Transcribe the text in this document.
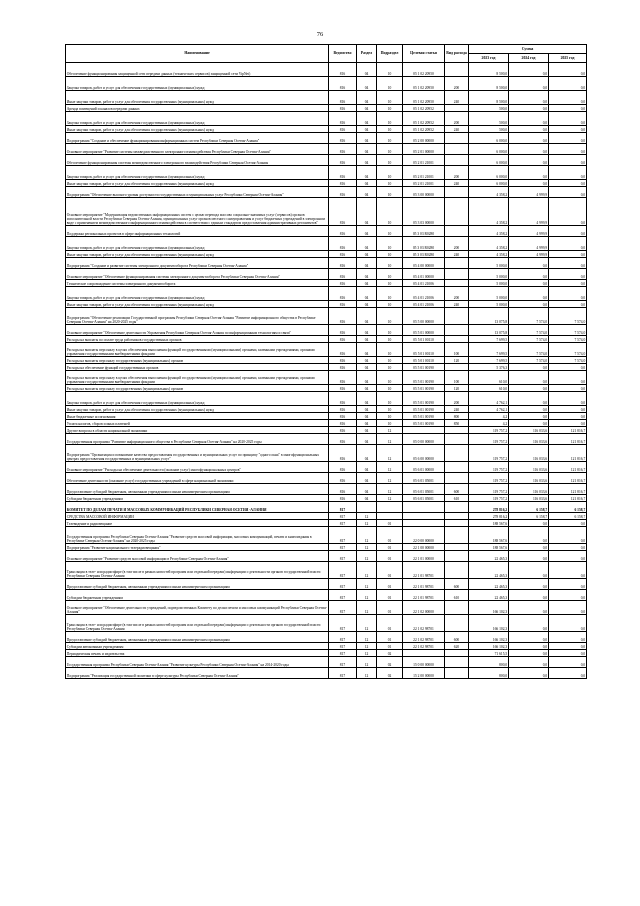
76
Наименование	Ведомство	Раздел	Подраздел	Целевая статья	Вид расхода	Сумма		
						2023 год	2024 год	2025 год
Обеспечение функционирования защищенной сети передачи данных (технических сервисов) защищенной сети VipNet)	816	04	10	05 1 02 20950		8 500,0	0,0	0,0
Закупка товаров, работ и услуг для обеспечения государственных (муниципальных) нужд	816	04	10	05 1 02 20950	200	8 500,0	0,0	0,0
Иные закупки товаров, работ и услуг для обеспечения государственных (муниципальных) нужд	816	04	10	05 1 02 20950	240	8 500,0	0,0	0,0
Аренда помещений и каналов передачи данных	816	04	10	05 1 02 20952		500,0	0,0	0,0
Закупка товаров, работ и услуг для обеспечения государственных (муниципальных) нужд	816	04	10	05 1 02 20952	200	500,0	0,0	0,0
Иные закупки товаров, работ и услуг для обеспечения государственных (муниципальных) нужд	816	04	10	05 1 02 20952	240	500,0	0,0	0,0
Подпрограмма "Создание и обеспечение функционирования информационных систем Республики Северная Осетия-Алания"	816	04	10	05 2 00 00000		6 000,0	0,0	0,0
Основное мероприятие "Развитие системы межведомственного электронного взаимодействия Республики Северная Осетия-Алания"	816	04	10	05 2 01 00000		6 000,0	0,0	0,0
Обеспечение функционирования системы межведомственного электронного взаимодействия Республики Северная Осетия-Алания	816	04	10	05 2 01 21001		6 000,0	0,0	0,0
Закупка товаров, работ и услуг для обеспечения государственных (муниципальных) нужд	816	04	10	05 2 01 21001	200	6 000,0	0,0	0,0
Иные закупки товаров, работ и услуг для обеспечения государственных (муниципальных) нужд	816	04	10	05 2 01 21001	240	6 000,0	0,0	0,0
Подпрограмма "Обеспечение высокого уровня доступности государственных и муниципальных услуг Республики Северная Осетия-Алания"	816	04	10	05 3 00 00000		4 358,2	4 999,9	0,0
Основное мероприятие "Модернизация ведомственных информационных систем с целью перевода массово социально-значимых услуг (сервисов) органов исполнительной власти Республики Северная Осетия-Алания, муниципальных услуг органов местного самоуправления и услуг бюджетных учреждений в электронном виде с применением межведомственного информационного взаимодействия в соответствии с единым стандартом предоставления административных регламентов"	816	04	10	05 3 03 00000		4 358,2	4 999,9	0,0
Поддержка региональных проектов в сфере информационных технологий	816	04	10	05 3 03 R0280		4 358,2	4 999,9	0,0
Закупка товаров, работ и услуг для обеспечения государственных (муниципальных) нужд	816	04	10	05 3 03 R0280	200	4 358,2	4 999,9	0,0
Иные закупки товаров, работ и услуг для обеспечения государственных (муниципальных) нужд	816	04	10	05 3 03 R0280	240	4 358,2	4 999,9	0,0
Подпрограмма "Создание и развитие системы электронного документооборота Республики Северная Осетия-Алания"	816	04	10	05 4 00 00000		5 000,0	0,0	0,0
Основное мероприятие "Обеспечение функционирования системы электронного документооборота Республики Северная Осетия-Алания"	816	04	10	05 4 01 00000		5 000,0	0,0	0,0
Техническое сопровождение системы электронного документооборота	816	04	10	05 4 01 21006		5 000,0	0,0	0,0
Закупка товаров, работ и услуг для обеспечения государственных (муниципальных) нужд	816	04	10	05 4 01 21006	200	5 000,0	0,0	0,0
Иные закупки товаров, работ и услуг для обеспечения государственных (муниципальных) нужд	816	04	10	05 4 01 21006	240	5 000,0	0,0	0,0
Подпрограмма "Обеспечение реализации Государственной программы Республики Северная Осетия-Алания "Развитие информационного общества в Республике Северная Осетия-Алания" на 2020-2025 годы"	816	04	10	05 5 00 00000		13 075,8	7 574,0	7 574,0
Основное мероприятие "Обеспечение деятельности Управления Республики Северная Осетия-Алания по информационным технологиям и связи"	816	04	10	05 5 01 00000		13 075,8	7 574,0	7 574,0
Расходы на выплаты по оплате труда работников государственных органов	816	04	10	05 5 01 00110		7 699,5	7 574,0	7 574,0
Расходы на выплаты персоналу в целях обеспечения выполнения функций государственными (муниципальными) органами, казенными учреждениями, органами управления государственными внебюджетными фондами	816	04	10	05 5 01 00110	100	7 699,5	7 574,0	7 574,0
Расходы на выплаты персоналу государственных (муниципальных) органов	816	04	10	05 5 01 00110	120	7 699,5	7 574,0	7 574,0
Расходы на обеспечение функций государственных органов	816	04	10	05 5 01 00190		5 376,3	0,0	0,0
Расходы на выплаты персоналу в целях обеспечения выполнения функций государственными (муниципальными) органами, казенными учреждениями, органами управления государственными внебюджетными фондами	816	04	10	05 5 01 00190	100	610,0	0,0	0,0
Расходы на выплаты персоналу государственных (муниципальных) органов	816	04	10	05 5 01 00190	120	610,0	0,0	0,0
Закупка товаров, работ и услуг для обеспечения государственных (муниципальных) нужд	816	04	10	05 5 01 00190	200	4 762,1	0,0	0,0
Иные закупки товаров, работ и услуг для обеспечения государственных (муниципальных) нужд	816	04	10	05 5 01 00190	240	4 762,1	0,0	0,0
Иные бюджетные ассигнования	816	04	10	05 5 01 00190	800	4,2	0,0	0,0
Уплата налогов, сборов и иных платежей	816	04	10	05 5 01 00190	850	4,2	0,0	0,0
Другие вопросы в области национальной экономики	816	04	12			119 757,2	116 033,6	121 816,7
Государственная программа "Развитие информационного общества в Республике Северная Осетия-Алания" на 2020-2025 годы	816	04	12	05 0 00 00000		119 757,2	116 033,6	121 816,7
Подпрограмма "Организация и повышение качества предоставления государственных и муниципальных услуг по принципу "одного окна" в многофункциональных центрах предоставления государственных и муниципальных услуг"	816	04	12	05 6 00 00000		119 757,2	116 033,6	121 816,7
Основное мероприятие "Расходы на обеспечение деятельности (оказание услуг) многофункциональных центров"	816	04	12	05 6 01 00000		119 757,2	116 033,6	121 816,7
Обеспечение деятельности (оказание услуг) государственных учреждений в сфере национальной экономики	816	04	12	05 6 01 05001		119 757,2	116 033,6	121 816,7
Предоставление субсидий бюджетным, автономным учреждениям и иным некоммерческим организациям	816	04	12	05 6 01 05001	600	119 757,2	116 033,6	121 816,7
Субсидии бюджетным учреждениям	816	04	12	05 6 01 05001	610	119 757,2	116 033,6	121 816,7
КОМИТЕТ ПО ДЕЛАМ ПЕЧАТИ И МАССОВЫХ КОММУНИКАЦИЙ РЕСПУБЛИКИ СЕВЕРНАЯ ОСЕТИЯ -АЛАНИЯ	817					278 816,2	6 158,7	6 158,7
СРЕДСТВА МАССОВОЙ ИНФОРМАЦИИ	817	12				278 816,2	6 158,7	6 158,7
Телевидение и радиовещание	817	12	01			188 567,6	0,0	0,0
Государственная программа Республики Северная Осетия-Алания "Развитие средств массовой информации, массовых коммуникаций, печати и книгоиздания в Республике Северная Осетия-Алания" на 2020-2025 годы	817	12	01	22 0 00 00000		188 567,6	0,0	0,0
Подпрограмма "Развитие национального телерадиовещания"	817	12	01	22 1 00 00000		188 567,6	0,0	0,0
Основное мероприятие "Развитие средств массовой информации в Республике Северная Осетия-Алания"	817	12	01	22 1 01 00000		22 465,3	0,0	0,0
Трансляция в теле- или радиоэфире (в том числе в рамках новостей программ или отдельной передачи) информации о деятельности органов государственной власти Республики Северная Осетия-Алания	817	12	01	22 1 01 98701		22 465,3	0,0	0,0
Предоставление субсидий бюджетным, автономным учреждениям и иным некоммерческим организациям	817	12	01	22 1 01 98701	600	22 465,3	0,0	0,0
Субсидии бюджетным учреждениям	817	12	01	22 1 01 98701	610	22 465,3	0,0	0,0
Основное мероприятие "Обеспечение деятельности учреждений, подведомственных Комитету по делам печати и массовых коммуникаций Республики Северная Осетия-Алания"	817	12	01	22 1 02 00000		166 102,3	0,0	0,0
Трансляция в теле- или радиоэфире (в том числе в рамках новостей программ или отдельной передачи) информации о деятельности органов государственной власти Республики Северная Осетия-Алания	817	12	01	22 1 02 98701		166 102,3	0,0	0,0
Предоставление субсидий бюджетным, автономным учреждениям и иным некоммерческим организациям	817	12	01	22 1 02 98701	600	166 102,3	0,0	0,0
Субсидии автономным учреждениям	817	12	01	22 1 02 98701	620	166 102,3	0,0	0,0
Периодическая печать и издательства	817	12	02			71 615,5	0,0	0,0
Государственная программа Республики Северная Осетия-Алания "Развитие культуры Республики Северная Осетия-Алания" на 2014-2020 годы	817	12	02	15 0 00 00000		800,0	0,0	0,0
Подпрограмма "Реализация государственной политики в сфере культуры Республики Северная Осетия-Алания"	817	12	02	15 2 00 00000		800,0	0,0	0,0
